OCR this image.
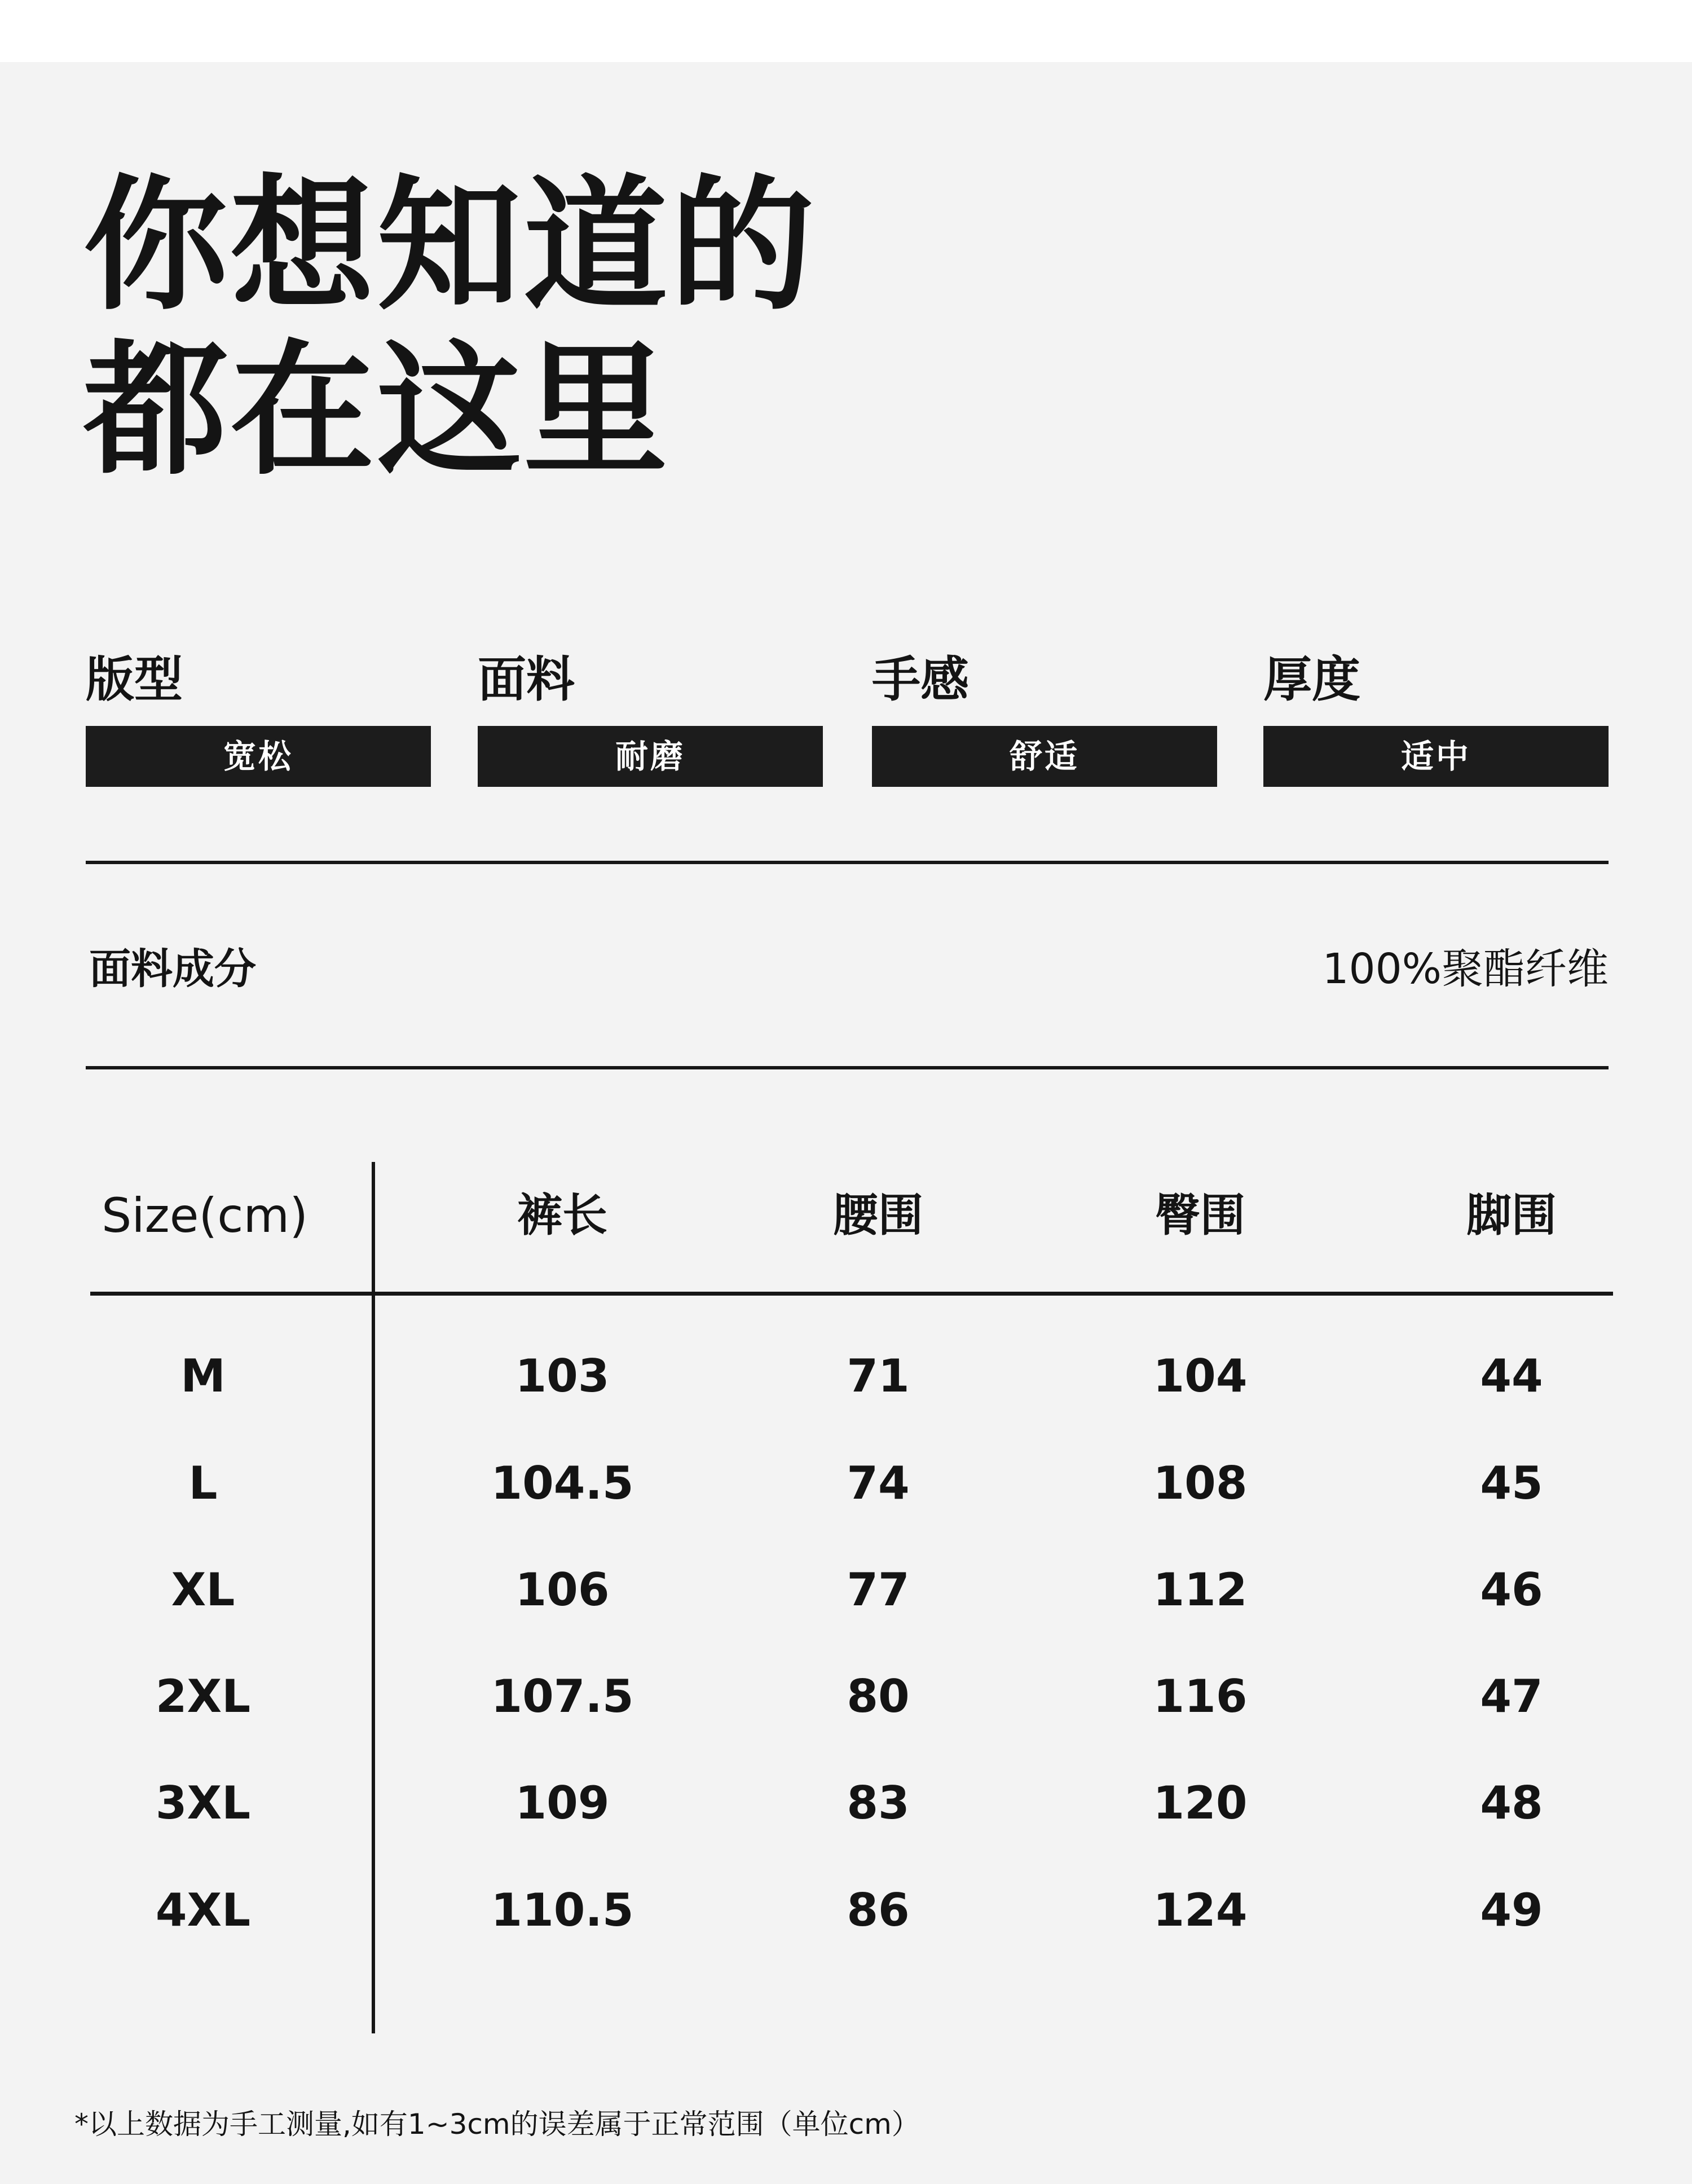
你想知道的
都在这里
版型
宽松
面料
耐磨
手感
舒适
厚度
适中
面料成分	100%聚酯纤维
Size(cm)	裤长	腰围	臀围	脚围
M	103	71	104	44
L	104.5	74	108	45
XL	106	77	112	46
2XL	107.5	80	116	47
3XL	109	83	120	48
4XL	110.5	86	124	49
*以上数据为手工测量,如有1~3cm的误差属于正常范围（单位cm）
